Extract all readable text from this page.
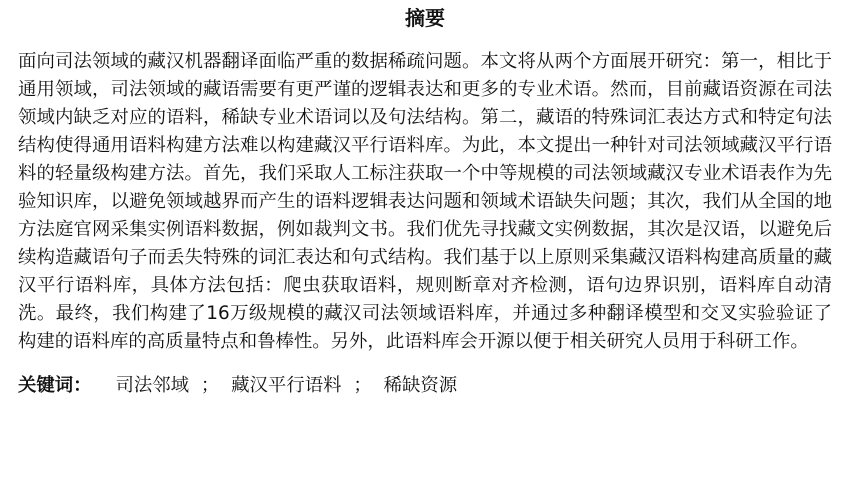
摘要

面向司法领域的藏汉机器翻译面临严重的数据稀疏问题。本文将从两个方面展开研究：第一，相比于通用领域，司法领域的藏语需要有更严谨的逻辑表达和更多的专业术语。然而，目前藏语资源在司法领域内缺乏对应的语料，稀缺专业术语词以及句法结构。第二，藏语的特殊词汇表达方式和特定句法结构使得通用语料构建方法难以构建藏汉平行语料库。为此，本文提出一种针对司法领域藏汉平行语料的轻量级构建方法。首先，我们采取人工标注获取一个中等规模的司法领域藏汉专业术语表作为先验知识库，以避免领域越界而产生的语料逻辑表达问题和领域术语缺失问题；其次，我们从全国的地方法庭官网采集实例语料数据，例如裁判文书。我们优先寻找藏文实例数据，其次是汉语，以避免后续构造藏语句子而丢失特殊的词汇表达和句式结构。我们基于以上原则采集藏汉语料构建高质量的藏汉平行语料库，具体方法包括：爬虫获取语料，规则断章对齐检测，语句边界识别，语料库自动清洗。最终，我们构建了16万级规模的藏汉司法领域语料库，并通过多种翻译模型和交叉实验验证了构建的语料库的高质量特点和鲁棒性。另外，此语料库会开源以便于相关研究人员用于科研工作。

关键词： 司法邻域 ； 藏汉平行语料 ； 稀缺资源
